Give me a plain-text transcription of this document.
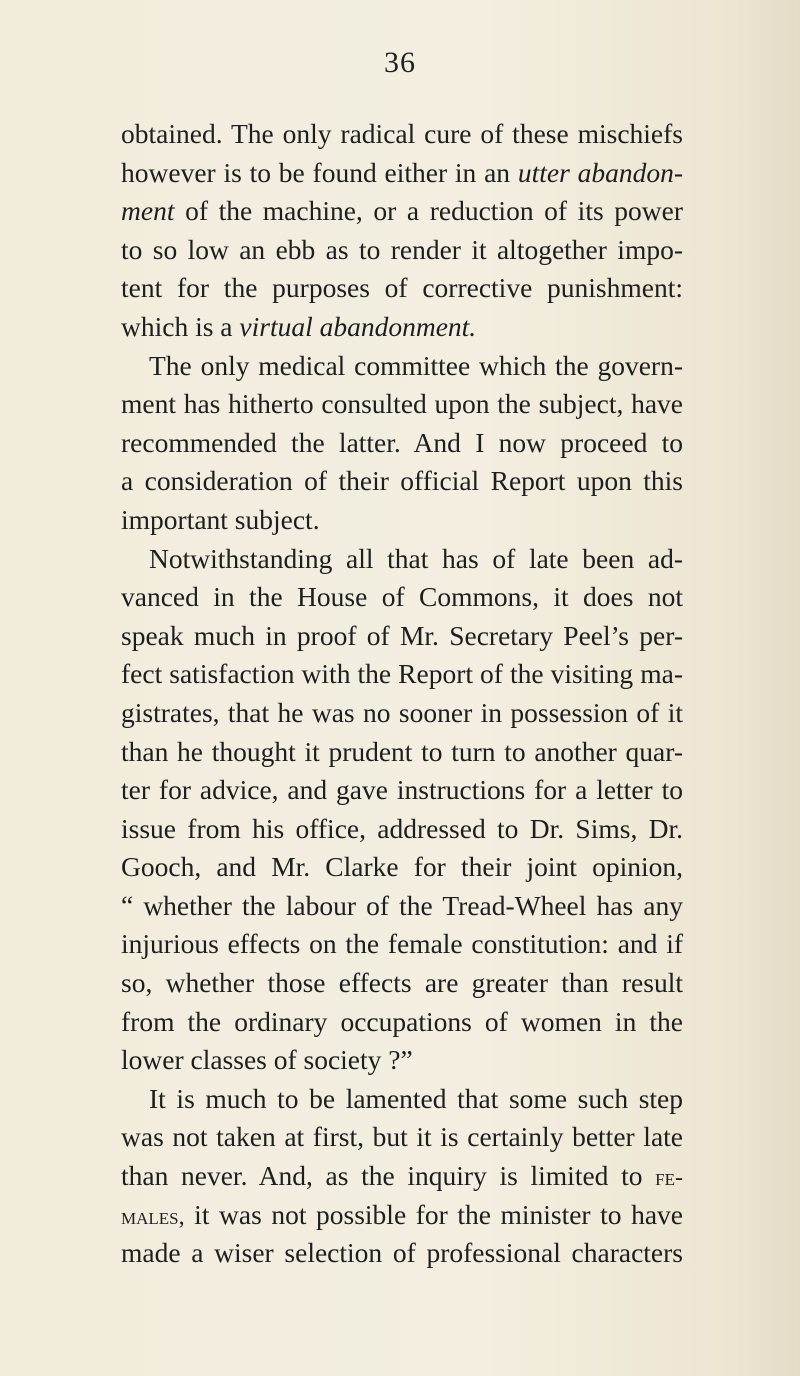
36
obtained. The only radical cure of these mischiefs
however is to be found either in an utter abandon-
ment of the machine, or a reduction of its power
to so low an ebb as to render it altogether impo-
tent for the purposes of corrective punishment:
which is a virtual abandonment.
The only medical committee which the govern-
ment has hitherto consulted upon the subject, have
recommended the latter. And I now proceed to
a consideration of their official Report upon this
important subject.
Notwithstanding all that has of late been ad-
vanced in the House of Commons, it does not
speak much in proof of Mr. Secretary Peel’s per-
fect satisfaction with the Report of the visiting ma-
gistrates, that he was no sooner in possession of it
than he thought it prudent to turn to another quar-
ter for advice, and gave instructions for a letter to
issue from his office, addressed to Dr. Sims, Dr.
Gooch, and Mr. Clarke for their joint opinion,
“ whether the labour of the Tread-Wheel has any
injurious effects on the female constitution: and if
so, whether those effects are greater than result
from the ordinary occupations of women in the
lower classes of society ?”
It is much to be lamented that some such step
was not taken at first, but it is certainly better late
than never. And, as the inquiry is limited to fe-
males, it was not possible for the minister to have
made a wiser selection of professional characters
